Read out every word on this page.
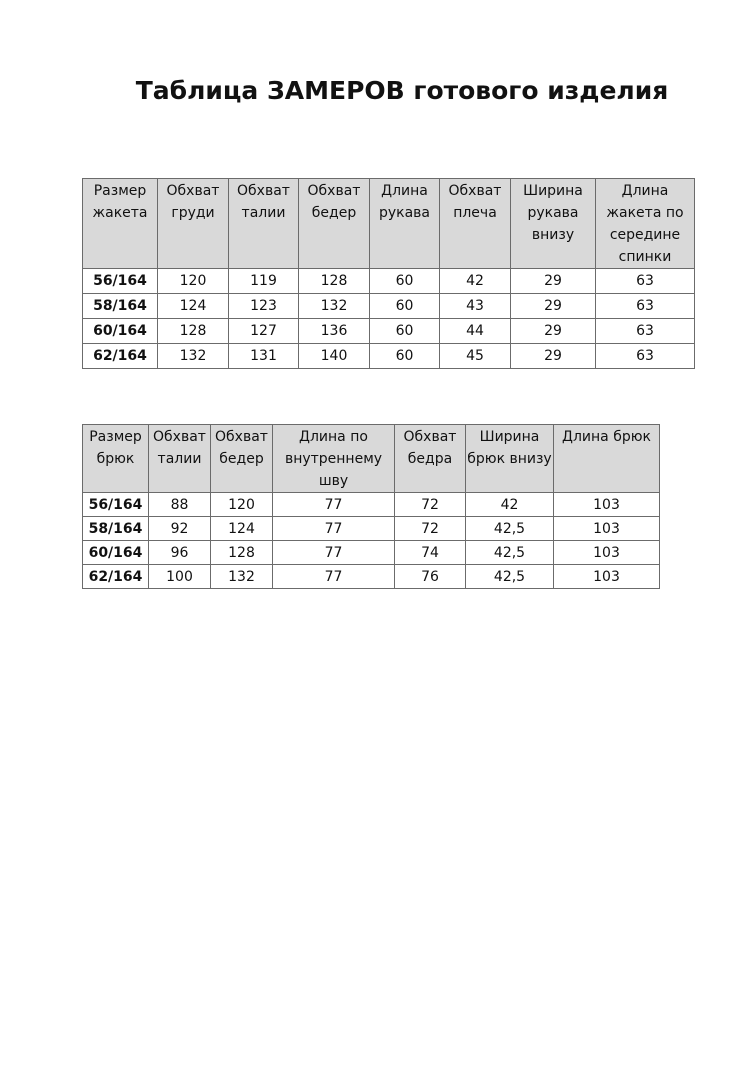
Таблица ЗАМЕРОВ готового изделия
Размер жакета	Обхват груди	Обхват талии	Обхват бедер	Длина рукава	Обхват плеча	Ширина рукава внизу	Длина жакета по середине спинки
56/164	120	119	128	60	42	29	63
58/164	124	123	132	60	43	29	63
60/164	128	127	136	60	44	29	63
62/164	132	131	140	60	45	29	63
Размер брюк	Обхват талии	Обхват бедер	Длина по внутреннему шву	Обхват бедра	Ширина брюк внизу	Длина брюк
56/164	88	120	77	72	42	103
58/164	92	124	77	72	42,5	103
60/164	96	128	77	74	42,5	103
62/164	100	132	77	76	42,5	103
